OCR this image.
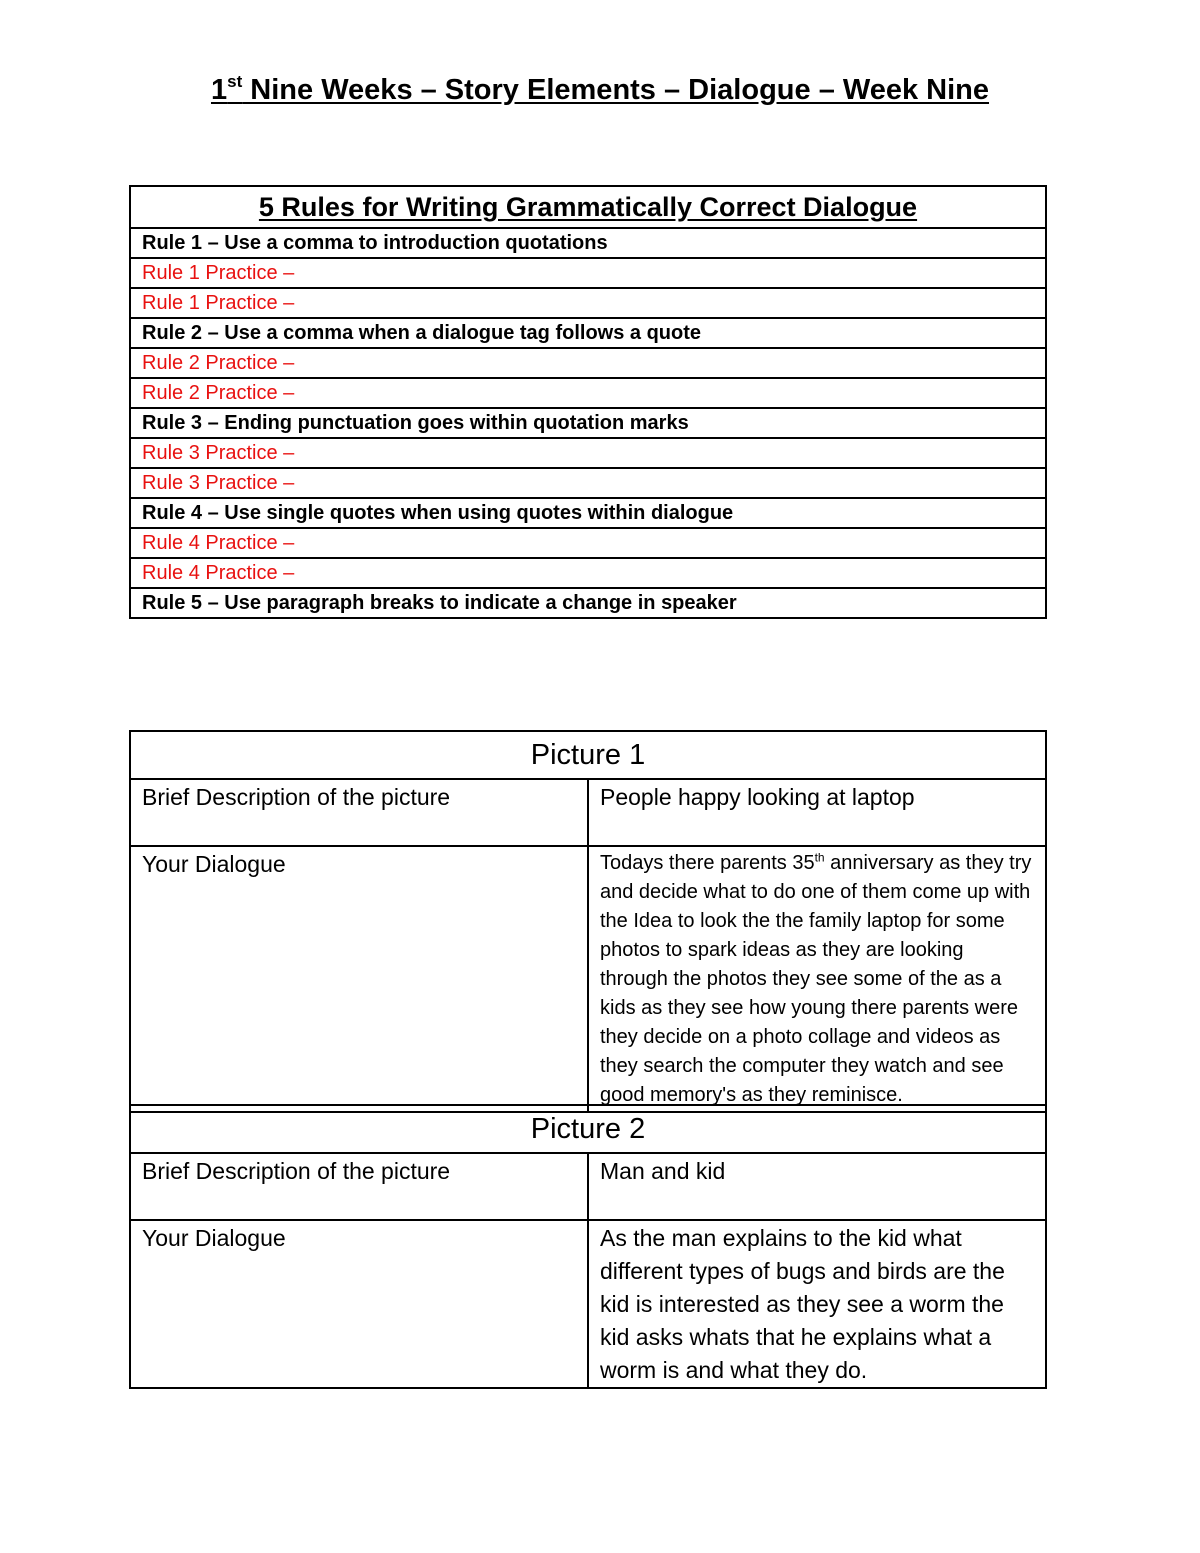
1st Nine Weeks – Story Elements – Dialogue – Week Nine
5 Rules for Writing Grammatically Correct Dialogue
Rule 1 – Use a comma to introduction quotations
Rule 1 Practice –
Rule 1 Practice –
Rule 2 – Use a comma when a dialogue tag follows a quote
Rule 2 Practice –
Rule 2 Practice –
Rule 3 – Ending punctuation goes within quotation marks
Rule 3 Practice –
Rule 3 Practice –
Rule 4 – Use single quotes when using quotes within dialogue
Rule 4 Practice –
Rule 4 Practice –
Rule 5 – Use paragraph breaks to indicate a change in speaker
Picture 1	
Brief Description of the picture	People happy looking at laptop
Your Dialogue	Todays there parents 35th anniversary as they try and decide what to do one of them come up with the Idea to look the the family laptop for some photos to spark ideas as they are looking through the photos they see some of the as a kids as they see how young there parents were they decide on a photo collage and videos as they search the computer they watch and see good memory's as they reminisce.
Picture 2	
Brief Description of the picture	Man and kid
Your Dialogue	As the man explains to the kid what different types of bugs and birds are the kid is interested as they see a worm the kid asks whats that he explains what a worm is and what they do.
